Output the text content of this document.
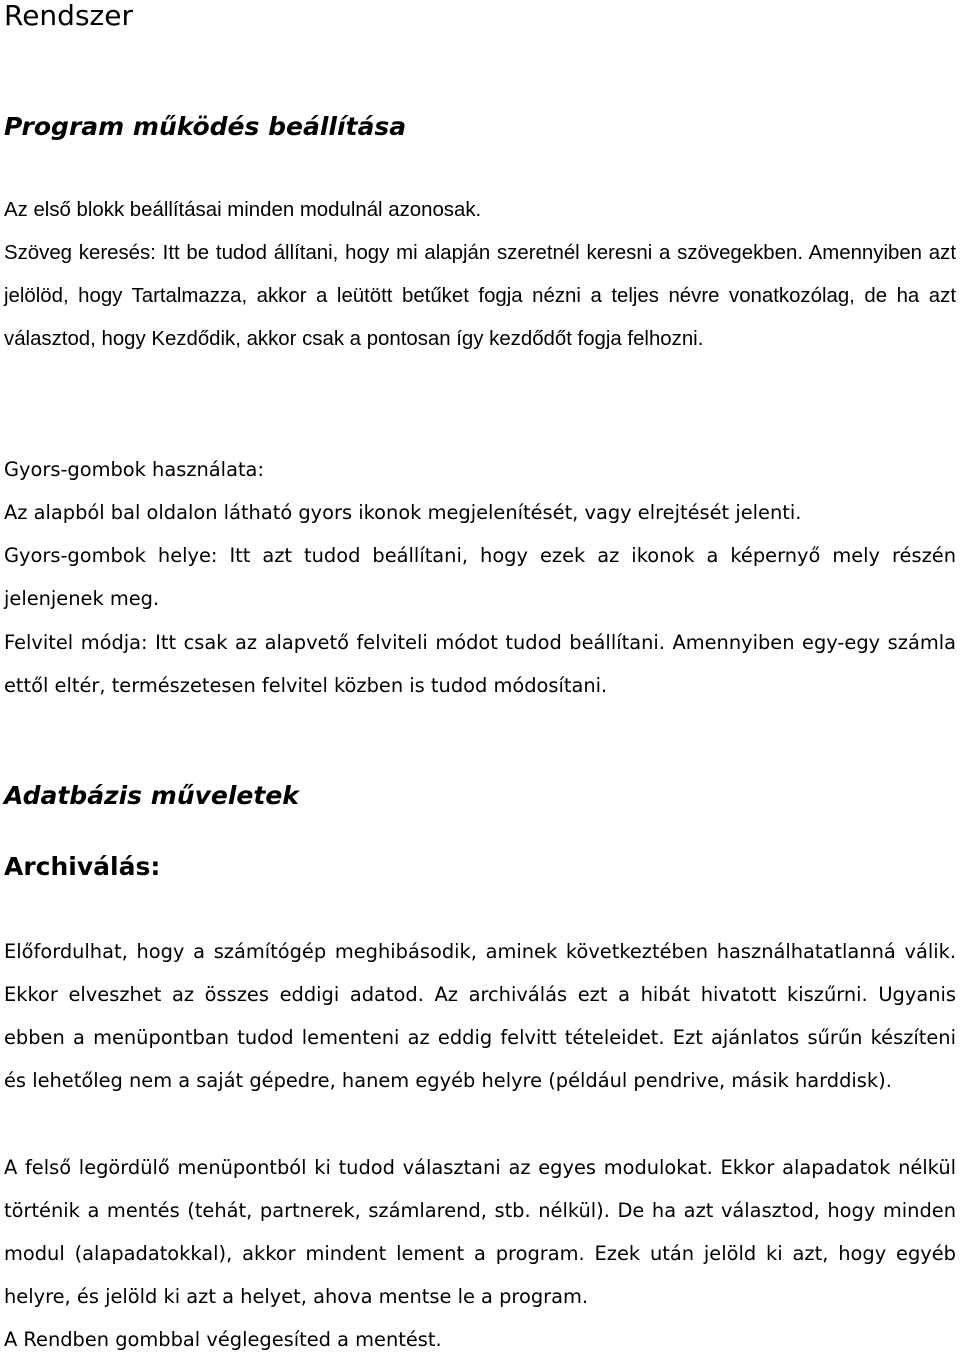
Rendszer
Program működés beállítása

Az első blokk beállításai minden modulnál azonosak.

Szöveg keresés: Itt be tudod állítani, hogy mi alapján szeretnél keresni a szövegekben. Amennyiben azt jelölöd, hogy Tartalmazza, akkor a leütött betűket fogja nézni a teljes névre vonatkozólag, de ha azt választod, hogy Kezdődik, akkor csak a pontosan így kezdődőt fogja felhozni.

Gyors-gombok használata:

Az alapból bal oldalon látható gyors ikonok megjelenítését, vagy elrejtését jelenti.

Gyors-gombok helye: Itt azt tudod beállítani, hogy ezek az ikonok a képernyő mely részén jelenjenek meg.

Felvitel módja: Itt csak az alapvető felviteli módot tudod beállítani. Amennyiben egy-egy számla ettől eltér, természetesen felvitel közben is tudod módosítani.

Adatbázis műveletek
Archiválás:

Előfordulhat, hogy a számítógép meghibásodik, aminek következtében használhatatlanná válik. Ekkor elveszhet az összes eddigi adatod. Az archiválás ezt a hibát hivatott kiszűrni. Ugyanis ebben a menüpontban tudod lementeni az eddig felvitt tételeidet. Ezt ajánlatos sűrűn készíteni és lehetőleg nem a saját gépedre, hanem egyéb helyre (például pendrive, másik harddisk).

A felső legördülő menüpontból ki tudod választani az egyes modulokat. Ekkor alapadatok nélkül történik a mentés (tehát, partnerek, számlarend, stb. nélkül). De ha azt választod, hogy minden modul (alapadatokkal), akkor mindent lement a program. Ezek után jelöld ki azt, hogy egyéb helyre, és jelöld ki azt a helyet, ahova mentse le a program.

A Rendben gombbal véglegesíted a mentést.
